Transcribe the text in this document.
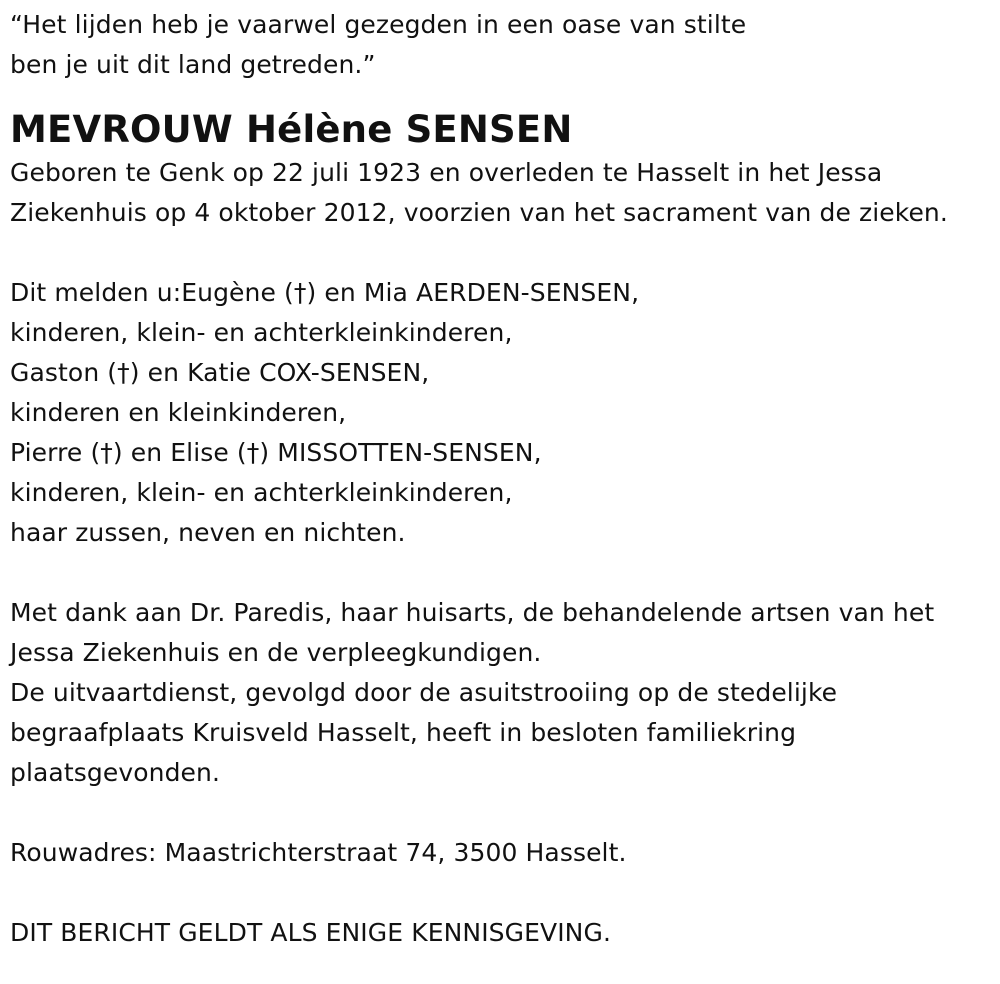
“Het lijden heb je vaarwel gezegden in een oase van stilte
ben je uit dit land getreden.”
MEVROUW Hélène SENSEN
Geboren te Genk op 22 juli 1923 en overleden te Hasselt in het Jessa
Ziekenhuis op 4 oktober 2012, voorzien van het sacrament van de zieken.
Dit melden u:Eugène (†) en Mia AERDEN-SENSEN,
kinderen, klein- en achterkleinkinderen,
Gaston (†) en Katie COX-SENSEN,
kinderen en kleinkinderen,
Pierre (†) en Elise (†) MISSOTTEN-SENSEN,
kinderen, klein- en achterkleinkinderen,
haar zussen, neven en nichten.
Met dank aan Dr. Paredis, haar huisarts, de behandelende artsen van het
Jessa Ziekenhuis en de verpleegkundigen.
De uitvaartdienst, gevolgd door de asuitstrooiing op de stedelijke
begraafplaats Kruisveld Hasselt, heeft in besloten familiekring
plaatsgevonden.
Rouwadres: Maastrichterstraat 74, 3500 Hasselt.
DIT BERICHT GELDT ALS ENIGE KENNISGEVING.
